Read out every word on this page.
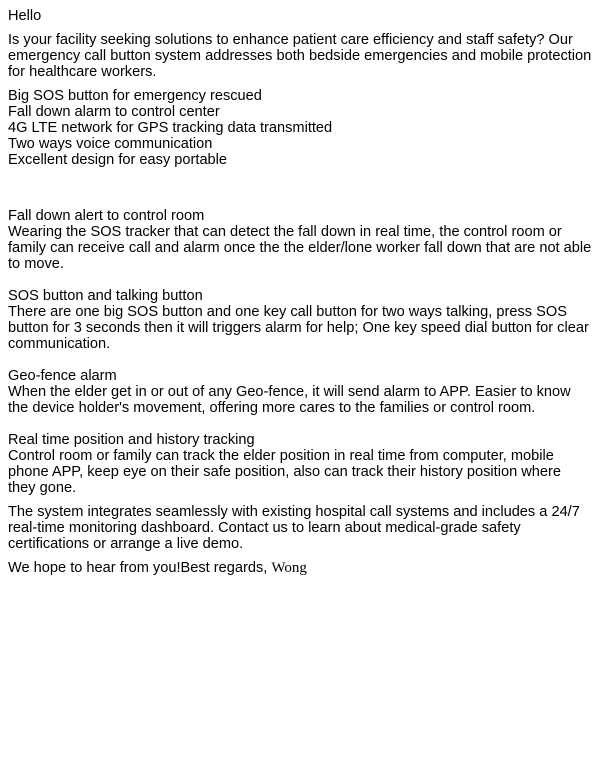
Hello

Is your facility seeking solutions to enhance patient care efficiency and staff safety? Our emergency call button system addresses both bedside emergencies and mobile protection for healthcare workers.

Big SOS button for emergency rescued
Fall down alarm to control center
4G LTE network for GPS tracking data transmitted
Two ways voice communication
Excellent design for easy portable
Fall down alert to control room
Wearing the SOS tracker that can detect the fall down in real time, the control room or family can receive call and alarm once the the elder/lone worker fall down that are not able to move.
SOS button and talking button
There are one big SOS button and one key call button for two ways talking, press SOS button for 3 seconds then it will triggers alarm for help; One key speed dial button for clear communication.
Geo-fence alarm
When the elder get in or out of any Geo-fence, it will send alarm to APP. Easier to know the device holder's movement, offering more cares to the families or control room.
Real time position and history tracking
Control room or family can track the elder position in real time from computer, mobile phone APP, keep eye on their safe position, also can track their history position where they gone.

The system integrates seamlessly with existing hospital call systems and includes a 24/7 real-time monitoring dashboard. Contact us to learn about medical-grade safety certifications or arrange a live demo.

We hope to hear from you!Best regards, Wong
